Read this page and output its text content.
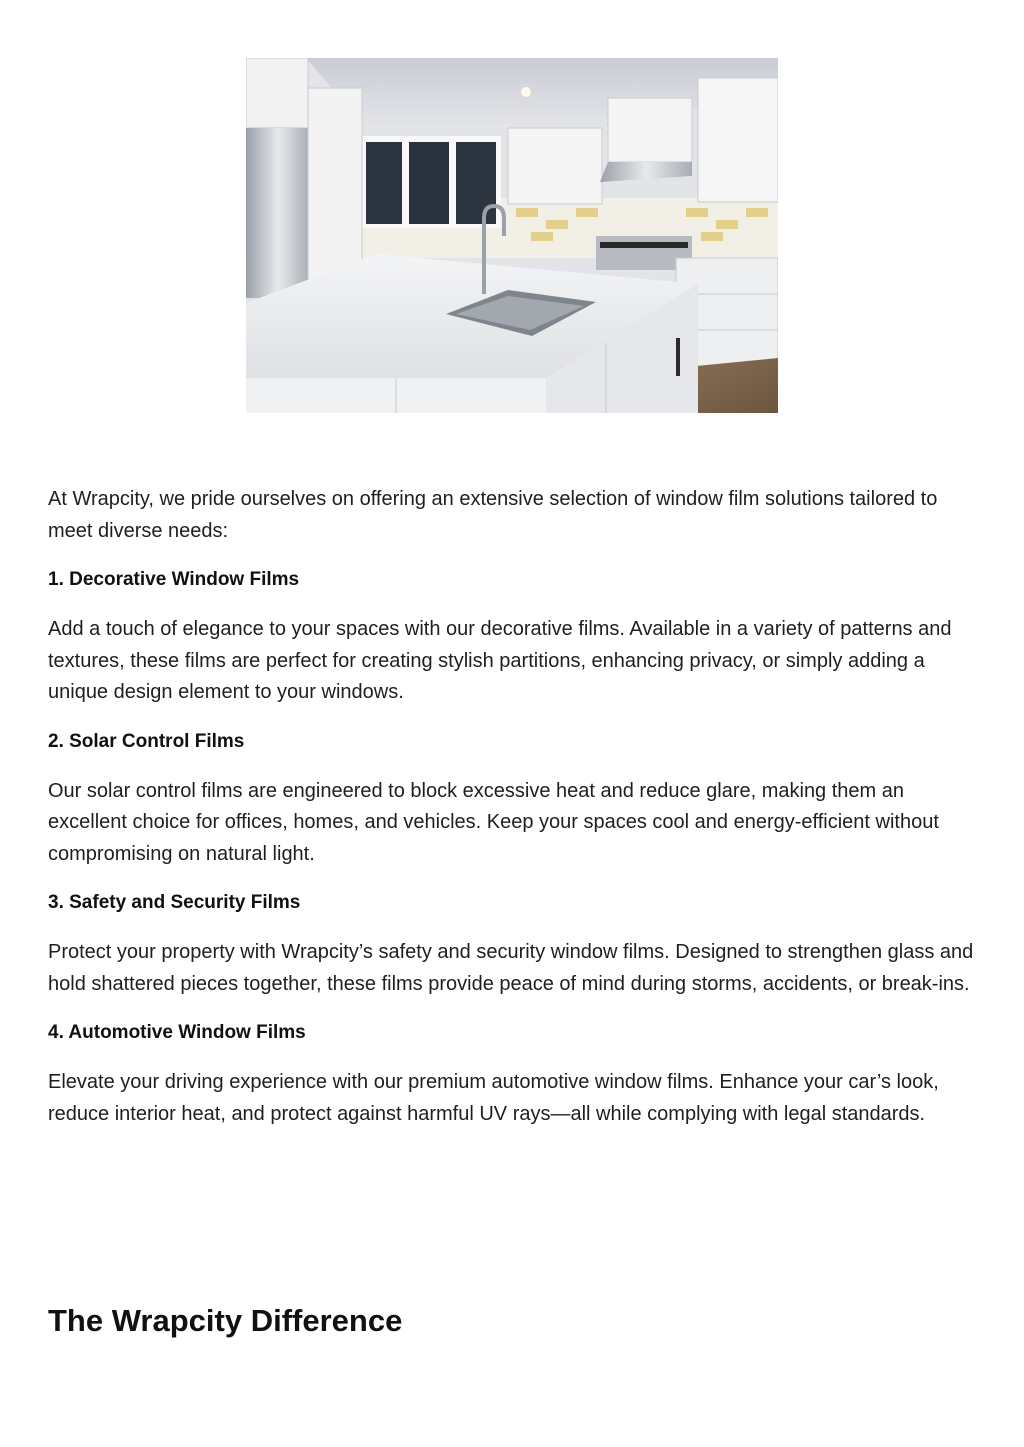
At Wrapcity, we pride ourselves on offering an extensive selection of window film solutions tailored to meet diverse needs:

1. Decorative Window Films

Add a touch of elegance to your spaces with our decorative films. Available in a variety of patterns and textures, these films are perfect for creating stylish partitions, enhancing privacy, or simply adding a unique design element to your windows.

2. Solar Control Films

Our solar control films are engineered to block excessive heat and reduce glare, making them an excellent choice for offices, homes, and vehicles. Keep your spaces cool and energy-efficient without compromising on natural light.

3. Safety and Security Films

Protect your property with Wrapcity’s safety and security window films. Designed to strengthen glass and hold shattered pieces together, these films provide peace of mind during storms, accidents, or break-ins.

4. Automotive Window Films

Elevate your driving experience with our premium automotive window films. Enhance your car’s look, reduce interior heat, and protect against harmful UV rays—all while complying with legal standards.

The Wrapcity Difference
